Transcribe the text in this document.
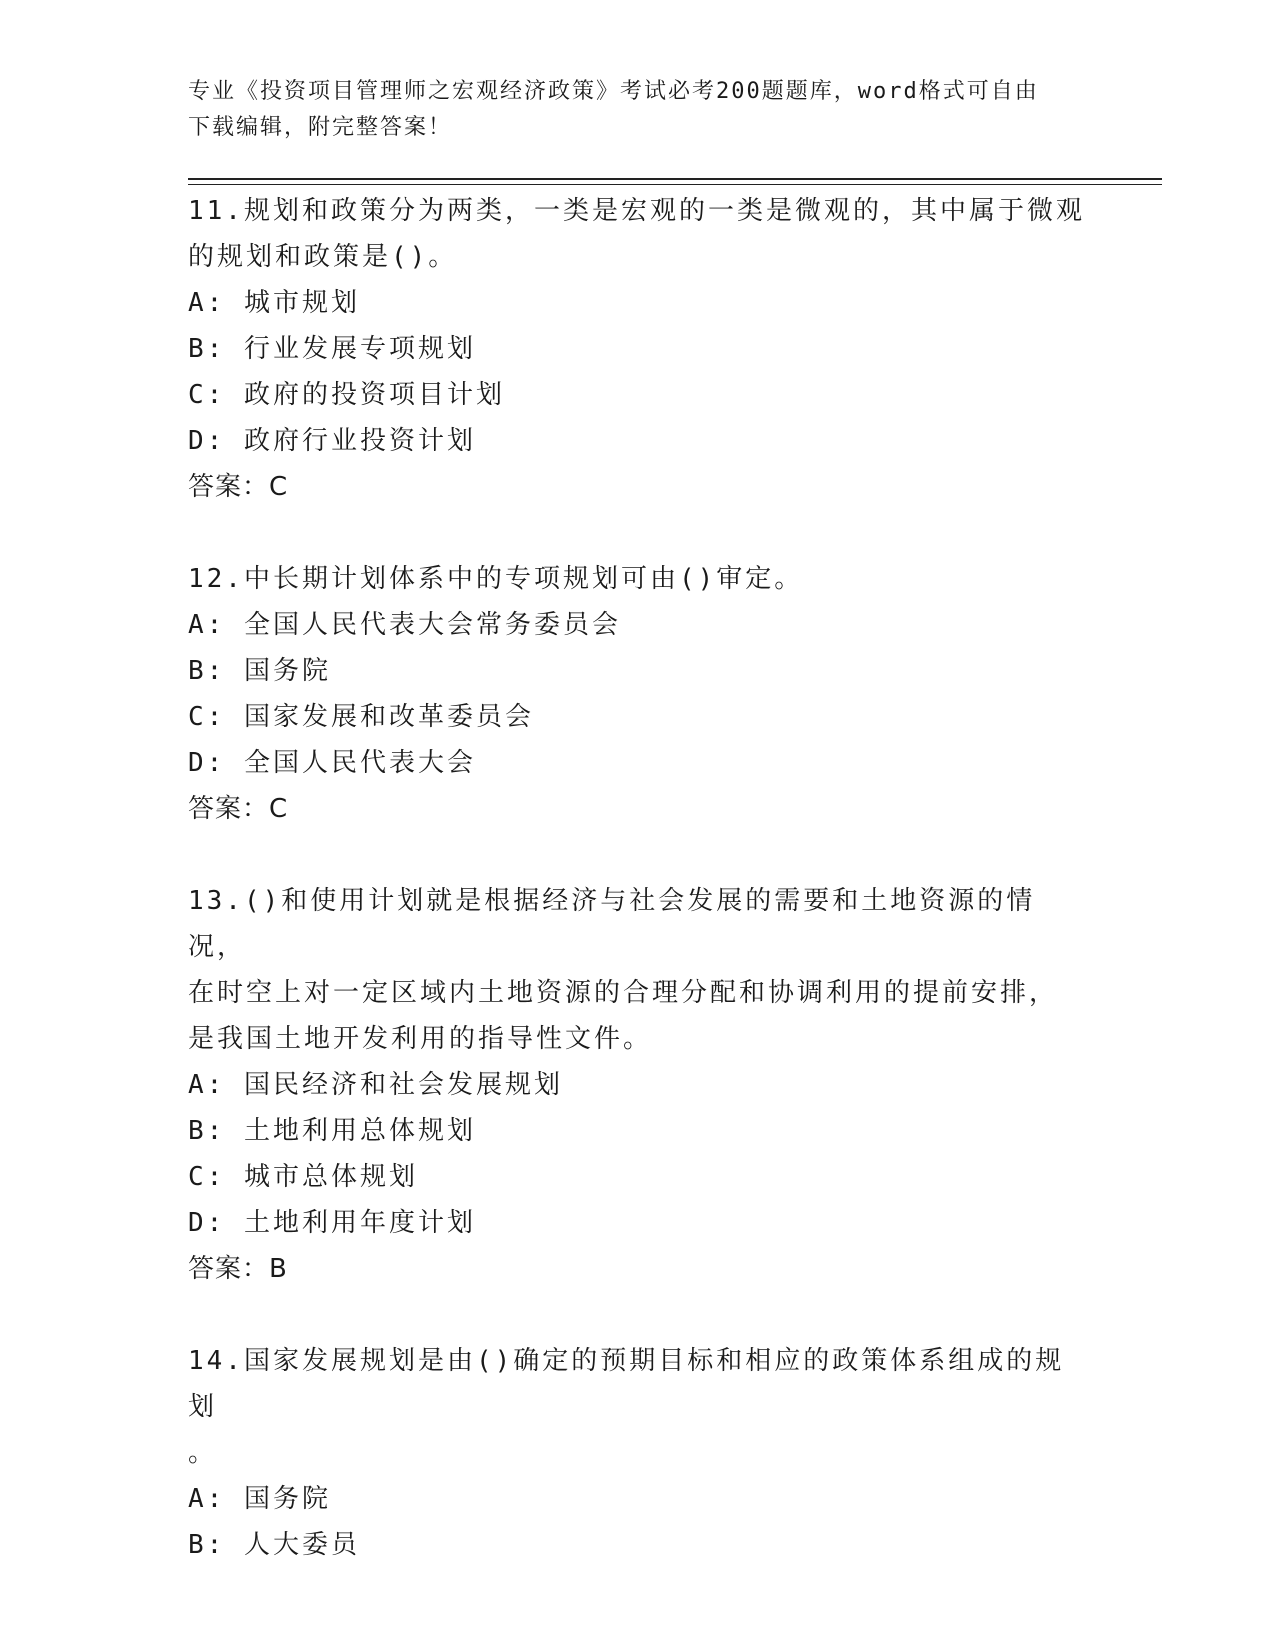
专业《投资项目管理师之宏观经济政策》考试必考200题题库，word格式可自由
下载编辑，附完整答案！
11.规划和政策分为两类，一类是宏观的一类是微观的，其中属于微观
的规划和政策是()。
A: 城市规划
B: 行业发展专项规划
C: 政府的投资项目计划
D: 政府行业投资计划
答案：C
12.中长期计划体系中的专项规划可由()审定。
A: 全国人民代表大会常务委员会
B: 国务院
C: 国家发展和改革委员会
D: 全国人民代表大会
答案：C
13.()和使用计划就是根据经济与社会发展的需要和土地资源的情况，
在时空上对一定区域内土地资源的合理分配和协调利用的提前安排，
是我国土地开发利用的指导性文件。
A: 国民经济和社会发展规划
B: 土地利用总体规划
C: 城市总体规划
D: 土地利用年度计划
答案：B
14.国家发展规划是由()确定的预期目标和相应的政策体系组成的规划
。
A: 国务院
B: 人大委员
